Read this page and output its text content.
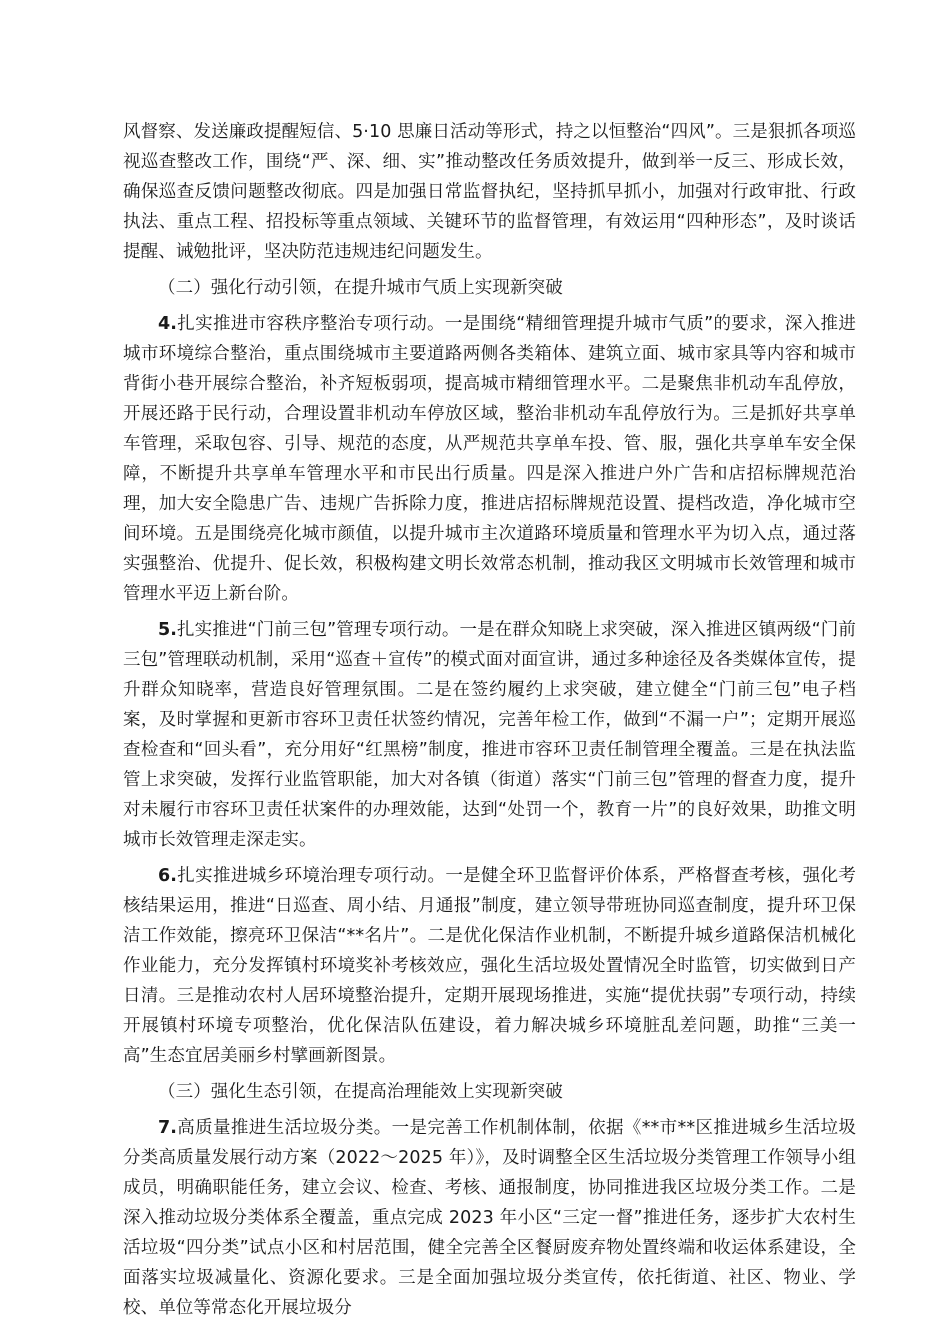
风督察、发送廉政提醒短信、5·10 思廉日活动等形式，持之以恒整治“四风”。三是狠抓各项巡视巡查整改工作，围绕“严、深、细、实”推动整改任务质效提升，做到举一反三、形成长效，确保巡查反馈问题整改彻底。四是加强日常监督执纪，坚持抓早抓小，加强对行政审批、行政执法、重点工程、招投标等重点领域、关键环节的监督管理，有效运用“四种形态”，及时谈话提醒、诫勉批评，坚决防范违规违纪问题发生。

（二）强化行动引领，在提升城市气质上实现新突破

4.扎实推进市容秩序整治专项行动。一是围绕“精细管理提升城市气质”的要求，深入推进城市环境综合整治，重点围绕城市主要道路两侧各类箱体、建筑立面、城市家具等内容和城市背街小巷开展综合整治，补齐短板弱项，提高城市精细管理水平。二是聚焦非机动车乱停放，开展还路于民行动，合理设置非机动车停放区域，整治非机动车乱停放行为。三是抓好共享单车管理，采取包容、引导、规范的态度，从严规范共享单车投、管、服，强化共享单车安全保障，不断提升共享单车管理水平和市民出行质量。四是深入推进户外广告和店招标牌规范治理，加大安全隐患广告、违规广告拆除力度，推进店招标牌规范设置、提档改造，净化城市空间环境。五是围绕亮化城市颜值，以提升城市主次道路环境质量和管理水平为切入点，通过落实强整治、优提升、促长效，积极构建文明长效常态机制，推动我区文明城市长效管理和城市管理水平迈上新台阶。

5.扎实推进“门前三包”管理专项行动。一是在群众知晓上求突破，深入推进区镇两级“门前三包”管理联动机制，采用“巡查＋宣传”的模式面对面宣讲，通过多种途径及各类媒体宣传，提升群众知晓率，营造良好管理氛围。二是在签约履约上求突破，建立健全“门前三包”电子档案，及时掌握和更新市容环卫责任状签约情况，完善年检工作，做到“不漏一户”；定期开展巡查检查和“回头看”，充分用好“红黑榜”制度，推进市容环卫责任制管理全覆盖。三是在执法监管上求突破，发挥行业监管职能，加大对各镇（街道）落实“门前三包”管理的督查力度，提升对未履行市容环卫责任状案件的办理效能，达到“处罚一个，教育一片”的良好效果，助推文明城市长效管理走深走实。

6.扎实推进城乡环境治理专项行动。一是健全环卫监督评价体系，严格督查考核，强化考核结果运用，推进“日巡查、周小结、月通报”制度，建立领导带班协同巡查制度，提升环卫保洁工作效能，擦亮环卫保洁“**名片”。二是优化保洁作业机制，不断提升城乡道路保洁机械化作业能力，充分发挥镇村环境奖补考核效应，强化生活垃圾处置情况全时监管，切实做到日产日清。三是推动农村人居环境整治提升，定期开展现场推进，实施“提优扶弱”专项行动，持续开展镇村环境专项整治，优化保洁队伍建设，着力解决城乡环境脏乱差问题，助推“三美一高”生态宜居美丽乡村擘画新图景。

（三）强化生态引领，在提高治理能效上实现新突破

7.高质量推进生活垃圾分类。一是完善工作机制体制，依据《**市**区推进城乡生活垃圾分类高质量发展行动方案（2022～2025 年）》，及时调整全区生活垃圾分类管理工作领导小组成员，明确职能任务，建立会议、检查、考核、通报制度，协同推进我区垃圾分类工作。二是深入推动垃圾分类体系全覆盖，重点完成 2023 年小区“三定一督”推进任务，逐步扩大农村生活垃圾“四分类”试点小区和村居范围，健全完善全区餐厨废弃物处置终端和收运体系建设，全面落实垃圾减量化、资源化要求。三是全面加强垃圾分类宣传，依托街道、社区、物业、学校、单位等常态化开展垃圾分
